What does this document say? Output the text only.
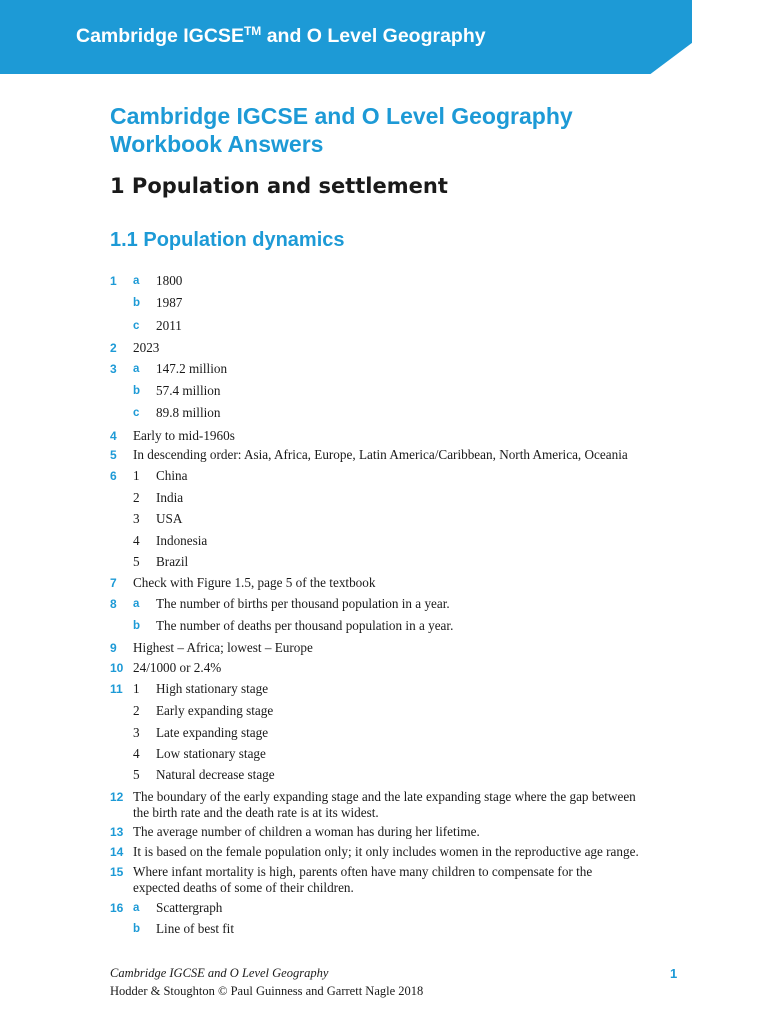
Cambridge IGCSE™ and O Level Geography
Cambridge IGCSE and O Level Geography
Workbook Answers
1 Population and settlement
1.1 Population dynamics
1 a 1800
b 1987
c 2011
2 2023
3 a 147.2 million
b 57.4 million
c 89.8 million
4 Early to mid-1960s
5 In descending order: Asia, Africa, Europe, Latin America/Caribbean, North America, Oceania
6 1 China
2 India
3 USA
4 Indonesia
5 Brazil
7 Check with Figure 1.5, page 5 of the textbook
8 a The number of births per thousand population in a year.
b The number of deaths per thousand population in a year.
9 Highest – Africa; lowest – Europe
10 24/1000 or 2.4%
11 1 High stationary stage
2 Early expanding stage
3 Late expanding stage
4 Low stationary stage
5 Natural decrease stage
12 The boundary of the early expanding stage and the late expanding stage where the gap between
the birth rate and the death rate is at its widest.
13 The average number of children a woman has during her lifetime.
14 It is based on the female population only; it only includes women in the reproductive age range.
15 Where infant mortality is high, parents often have many children to compensate for the
expected deaths of some of their children.
16 a Scattergraph
b Line of best fit
Cambridge IGCSE and O Level Geography
Hodder & Stoughton © Paul Guinness and Garrett Nagle 2018
1
